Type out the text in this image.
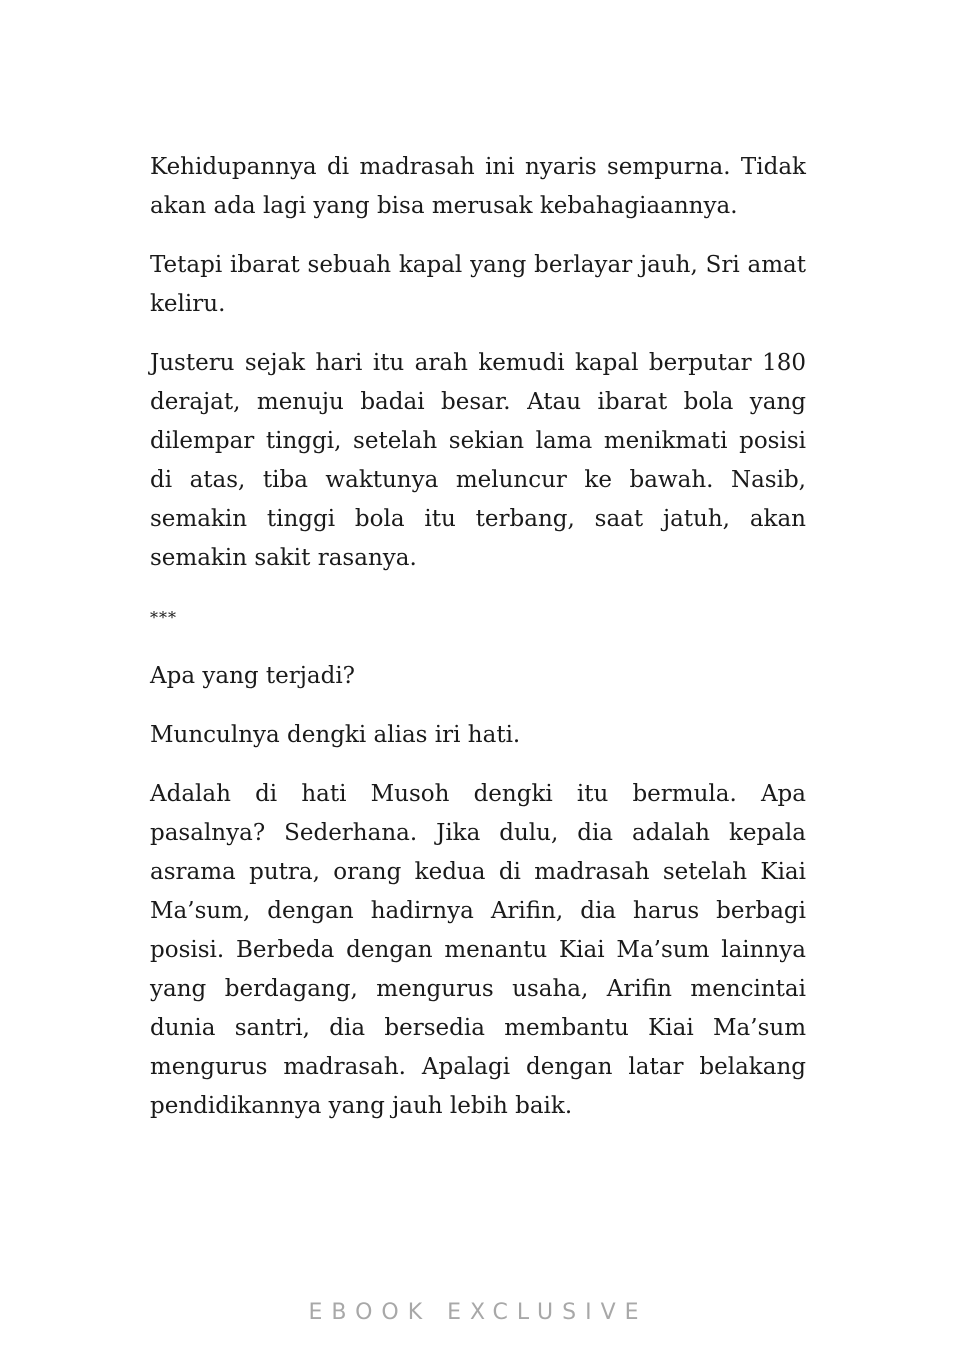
Kehidupannya di madrasah ini nyaris sempurna. Tidak akan ada lagi yang bisa merusak kebahagiaannya.

Tetapi ibarat sebuah kapal yang berlayar jauh, Sri amat keliru.

Justeru sejak hari itu arah kemudi kapal berputar 180 derajat, menuju badai besar. Atau ibarat bola yang dilempar tinggi, setelah sekian lama menikmati posisi di atas, tiba waktunya meluncur ke bawah. Nasib, semakin tinggi bola itu terbang, saat jatuh, akan semakin sakit rasanya.

***

Apa yang terjadi?

Munculnya dengki alias iri hati.

Adalah di hati Musoh dengki itu bermula. Apa pasalnya? Sederhana. Jika dulu, dia adalah kepala asrama putra, orang kedua di madrasah setelah Kiai Ma’sum, dengan hadirnya Arifin, dia harus berbagi posisi. Berbeda dengan menantu Kiai Ma’sum lainnya yang berdagang, mengurus usaha, Arifin mencintai dunia santri, dia bersedia membantu Kiai Ma’sum mengurus madrasah. Apalagi dengan latar belakang pendidikannya yang jauh lebih baik.

EBOOK EXCLUSIVE
